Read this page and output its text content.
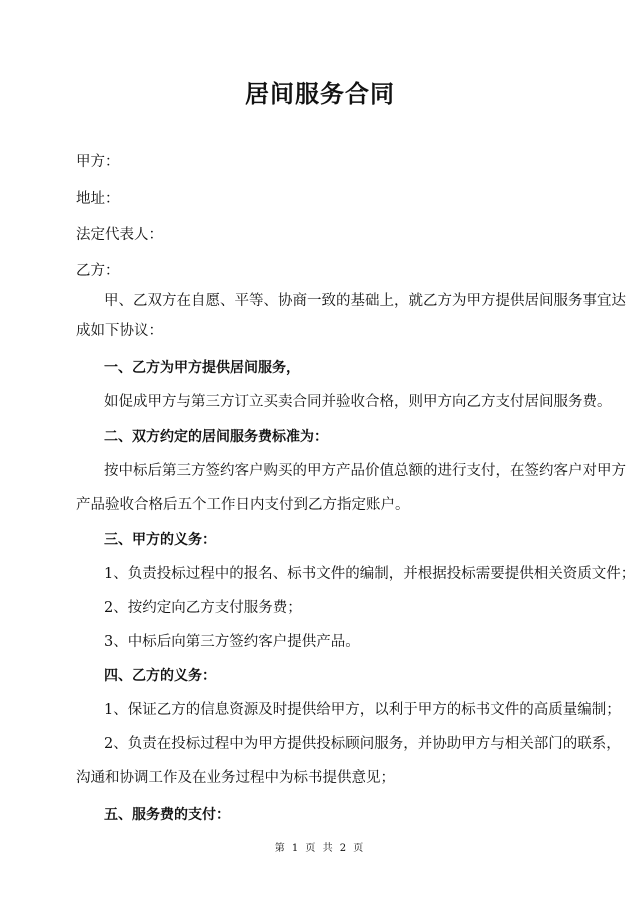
居间服务合同
甲方：
地址：
法定代表人：
乙方：
甲、乙双方在自愿、平等、协商一致的基础上，就乙方为甲方提供居间服务事宜达
成如下协议：
一、乙方为甲方提供居间服务，
如促成甲方与第三方订立买卖合同并验收合格，则甲方向乙方支付居间服务费。
二、双方约定的居间服务费标准为：
按中标后第三方签约客户购买的甲方产品价值总额的进行支付，在签约客户对甲方
产品验收合格后五个工作日内支付到乙方指定账户。
三、甲方的义务：
1、负责投标过程中的报名、标书文件的编制，并根据投标需要提供相关资质文件；
2、按约定向乙方支付服务费；
3、中标后向第三方签约客户提供产品。
四、乙方的义务：
1、保证乙方的信息资源及时提供给甲方，以利于甲方的标书文件的高质量编制；
2、负责在投标过程中为甲方提供投标顾问服务，并协助甲方与相关部门的联系，
沟通和协调工作及在业务过程中为标书提供意见；
五、服务费的支付：
第 1 页 共 2 页
